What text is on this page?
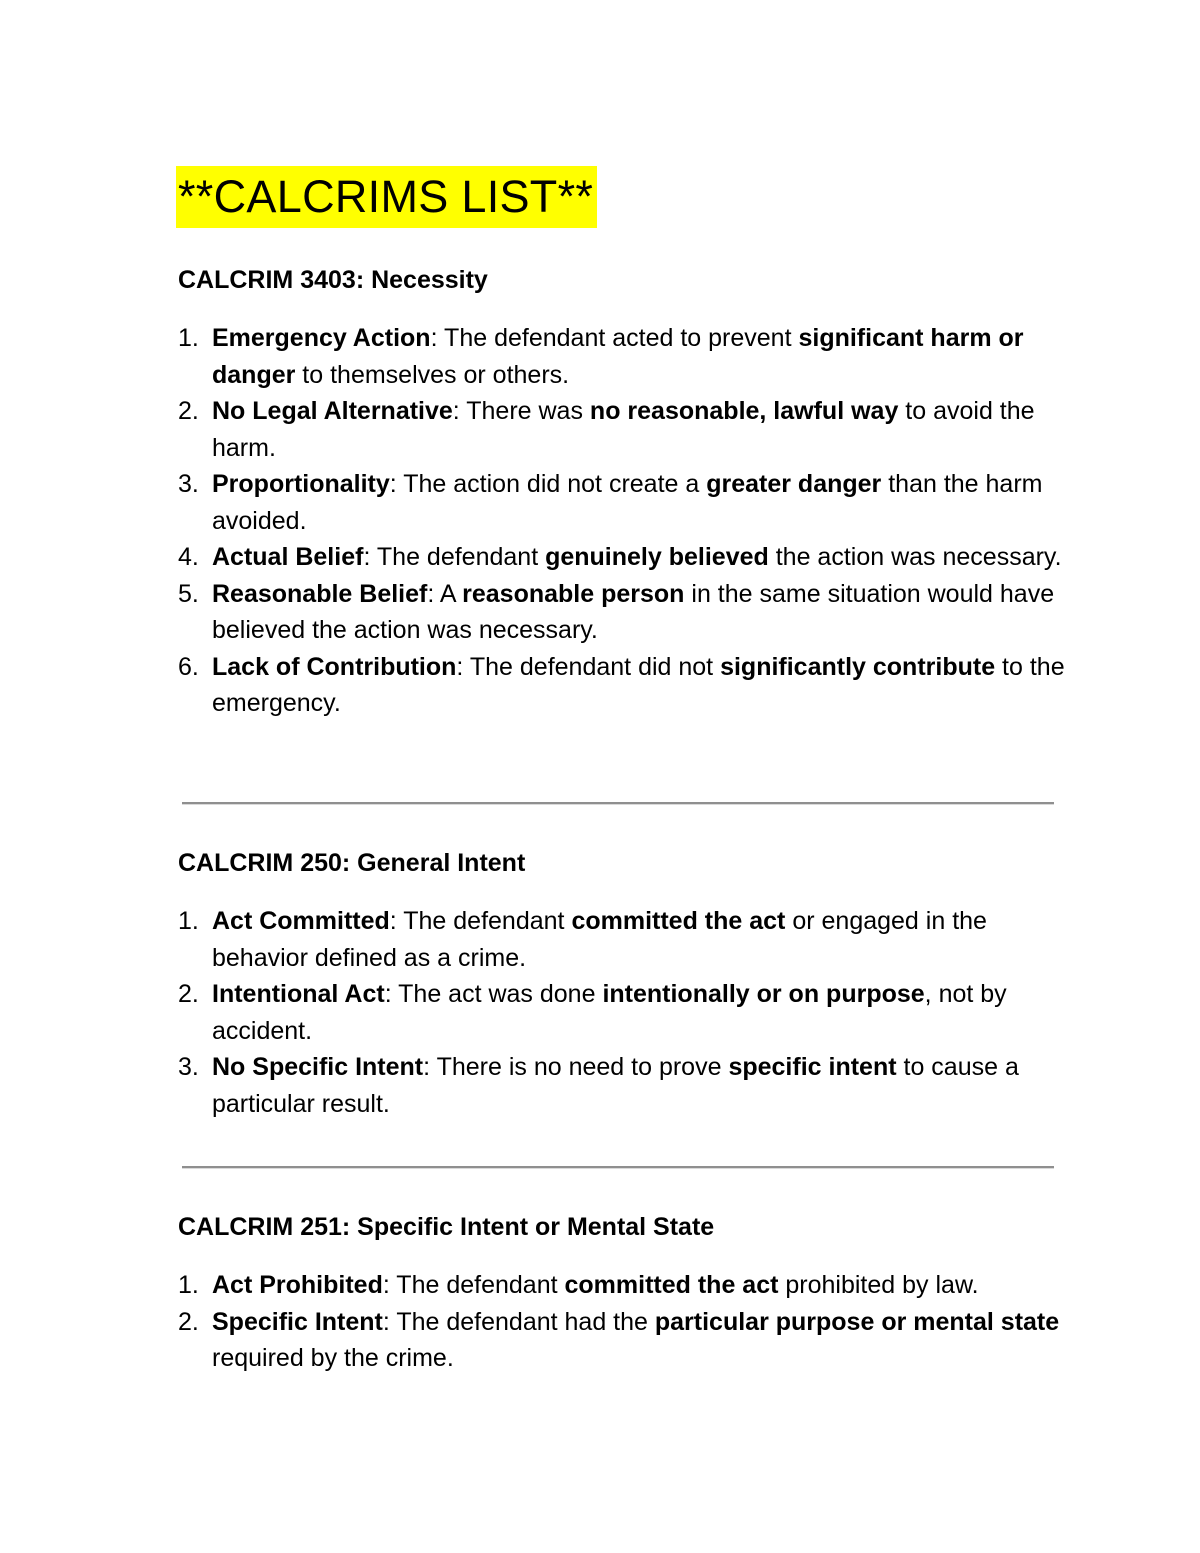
**CALCRIMS LIST**
CALCRIM 3403: Necessity
1. Emergency Action: The defendant acted to prevent significant harm or danger to themselves or others.
2. No Legal Alternative: There was no reasonable, lawful way to avoid the harm.
3. Proportionality: The action did not create a greater danger than the harm avoided.
4. Actual Belief: The defendant genuinely believed the action was necessary.
5. Reasonable Belief: A reasonable person in the same situation would have believed the action was necessary.
6. Lack of Contribution: The defendant did not significantly contribute to the emergency.
CALCRIM 250: General Intent
1. Act Committed: The defendant committed the act or engaged in the behavior defined as a crime.
2. Intentional Act: The act was done intentionally or on purpose, not by accident.
3. No Specific Intent: There is no need to prove specific intent to cause a particular result.
CALCRIM 251: Specific Intent or Mental State
1. Act Prohibited: The defendant committed the act prohibited by law.
2. Specific Intent: The defendant had the particular purpose or mental state required by the crime.
